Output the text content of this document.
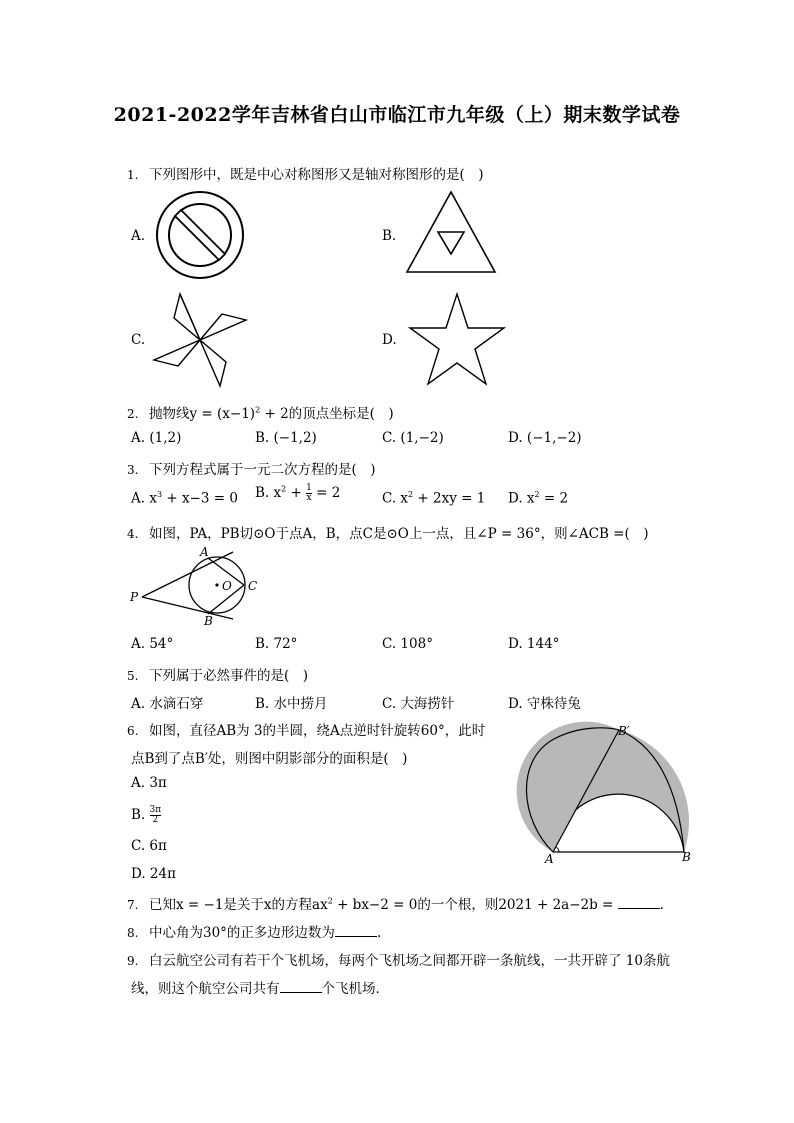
2021-2022学年吉林省白山市临江市九年级（上）期末数学试卷
1. 下列图形中，既是中心对称图形又是轴对称图形的是(　)
A.	B.
C.	D.
2. 抛物线$y = (x-1)^2 + 2$的顶点坐标是(　)
A. (1,2)	B. (−1,2)	C. (1,−2)	D. (−1,−2)
3. 下列方程式属于一元二次方程的是(　)
A. $x^3 + x-3 = 0$ B. $x^2 + \frac{1}{x} = 2$	C. $x^2 + 2xy = 1$ D. $x^2 = 2$
4. 如图，PA，PB切⊙O于点A，B，点C是⊙O上一点，且∠P = 36°，则∠ACB =(　)
A
O C
P
B
A. 54°	B. 72°	C. 108°	D. 144°
5. 下列属于必然事件的是(　)
A. 水滴石穿	B. 水中捞月	C. 大海捞针	D. 守株待兔
6. 如图，直径AB为 3的半圆，绕A点逆时针旋转60°，此时
点B到了点B′处，则图中阴影部分的面积是(　)
A. 3π
B. $\frac{3\pi}{2}$
C. 6π
D. 24π
A	B
B′
7. 已知x = −1是关于x的方程$ax^2 + bx-2 = 0$的一个根，则2021 + 2a−2b =	.
8. 中心角为30°的正多边形边数为	.
9. 白云航空公司有若干个飞机场，每两个飞机场之间都开辟一条航线，一共开辟了 10条航
线，则这个航空公司共有	个飞机场．
